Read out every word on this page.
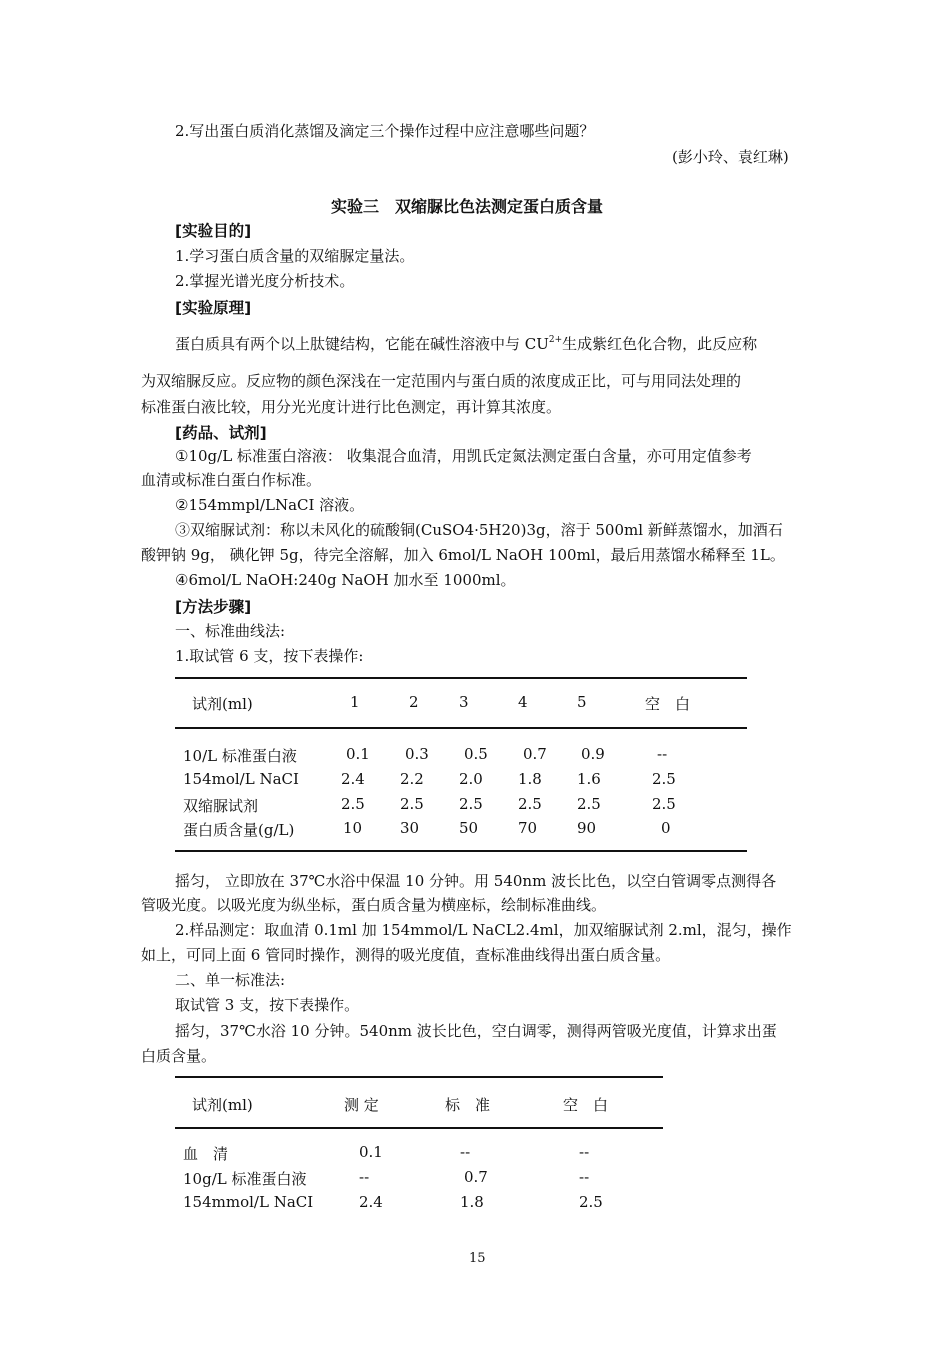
2.写出蛋白质消化蒸馏及滴定三个操作过程中应注意哪些问题？
(彭小玲、袁红琳)
实验三　双缩脲比色法测定蛋白质含量
[实验目的]
1.学习蛋白质含量的双缩脲定量法。
2.掌握光谱光度分析技术。
[实验原理]
蛋白质具有两个以上肽键结构，它能在碱性溶液中与 $CU^{2+}$生成紫红色化合物，此反应称
为双缩脲反应。反应物的颜色深浅在一定范围内与蛋白质的浓度成正比，可与用同法处理的
标准蛋白液比较，用分光光度计进行比色测定，再计算其浓度。
[药品、试剂]
①10g/L 标准蛋白溶液： 收集混合血清，用凯氏定氮法测定蛋白含量，亦可用定值参考
血清或标准白蛋白作标准。
②154mmpl/LNaCI 溶液。
③双缩脲试剂：称以未风化的硫酸铜(CuSO4·5H20)3g，溶于 500ml 新鲜蒸馏水，加酒石
酸钾钠 9g， 碘化钾 5g，待完全溶解，加入 6mol/L NaOH 100ml，最后用蒸馏水稀释至 1L。
④6mol/L NaOH:240g NaOH 加水至 1000ml。
[方法步骤]
一、标准曲线法:
1.取试管 6 支，按下表操作:
试剂(ml)	1	2	3	4	5	空　白
10/L 标准蛋白液	0.1 0.3 0.5 0.7 0.9	--
154mol/L NaCI	2.4 2.2 2.0 1.8 1.6	2.5
双缩脲试剂	2.5 2.5 2.5 2.5 2.5	2.5
蛋白质含量(g/L)	10	30	50	70	90	0
摇匀， 立即放在 37℃水浴中保温 10 分钟。用 540nm 波长比色，以空白管调零点测得各
管吸光度。以吸光度为纵坐标，蛋白质含量为横座标，绘制标准曲线。
2.样品测定：取血清 0.1ml 加 154mmol/L NaCL2.4ml，加双缩脲试剂 2.ml，混匀，操作
如上，可同上面 6 管同时操作，测得的吸光度值，查标准曲线得出蛋白质含量。
二、单一标准法:
取试管 3 支，按下表操作。
摇匀，37℃水浴 10 分钟。540nm 波长比色，空白调零，测得两管吸光度值，计算求出蛋
白质含量。
试剂(ml)	测 定	标　准	空　白
血　清	0.1	--	--
10g/L 标准蛋白液	--	0.7	--
154mmol/L NaCI	2.4	1.8	2.5
15
